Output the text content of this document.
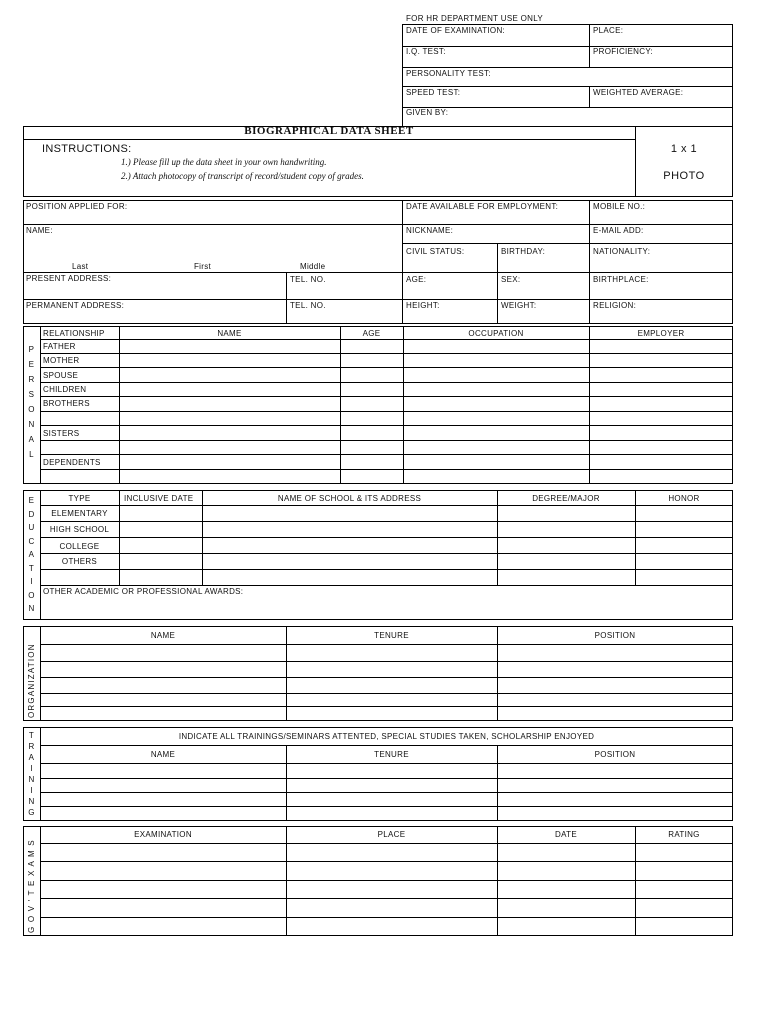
FOR HR DEPARTMENT USE ONLY
DATE OF EXAMINATION:	PLACE:
I.Q. TEST:	PROFICIENCY:
PERSONALITY TEST:
SPEED TEST:	WEIGHTED AVERAGE:
GIVEN BY:
BIOGRAPHICAL DATA SHEET
INSTRUCTIONS:
1.) Please fill up the data sheet in your own handwriting.
2.) Attach photocopy of transcript of record/student copy of grades.
1 x 1
PHOTO
POSITION APPLIED FOR:	DATE AVAILABLE FOR EMPLOYMENT:	MOBILE NO.:
NAME:	NICKNAME:	E-MAIL ADD:
CIVIL STATUS:	BIRTHDAY:	NATIONALITY:
Last	First	Middle
PRESENT ADDRESS:	TEL. NO.	AGE:	SEX:	BIRTHPLACE:
PERMANENT ADDRESS:	TEL. NO.	HEIGHT:	WEIGHT:	RELIGION:
P
E
R
S
O
N
A
L
RELATIONSHIP	NAME	AGE	OCCUPATION	EMPLOYER
FATHER
MOTHER
SPOUSE
CHILDREN
BROTHERS
SISTERS
DEPENDENTS
E
D
U
C
A
T
I
O
N
TYPE	INCLUSIVE DATE	NAME OF SCHOOL & ITS ADDRESS	DEGREE/MAJOR	HONOR
ELEMENTARY
HIGH SCHOOL
COLLEGE
OTHERS
OTHER ACADEMIC OR PROFESSIONAL AWARDS:
ORGANIZATION
NAME	TENURE	POSITION
T
R
A
I
N
I
N
G
INDICATE ALL TRAININGS/SEMINARS ATTENTED, SPECIAL STUDIES TAKEN, SCHOLARSHIP ENJOYED
NAME	TENURE	POSITION
G O V ' T E X A M S
EXAMINATION	PLACE	DATE	RATING
